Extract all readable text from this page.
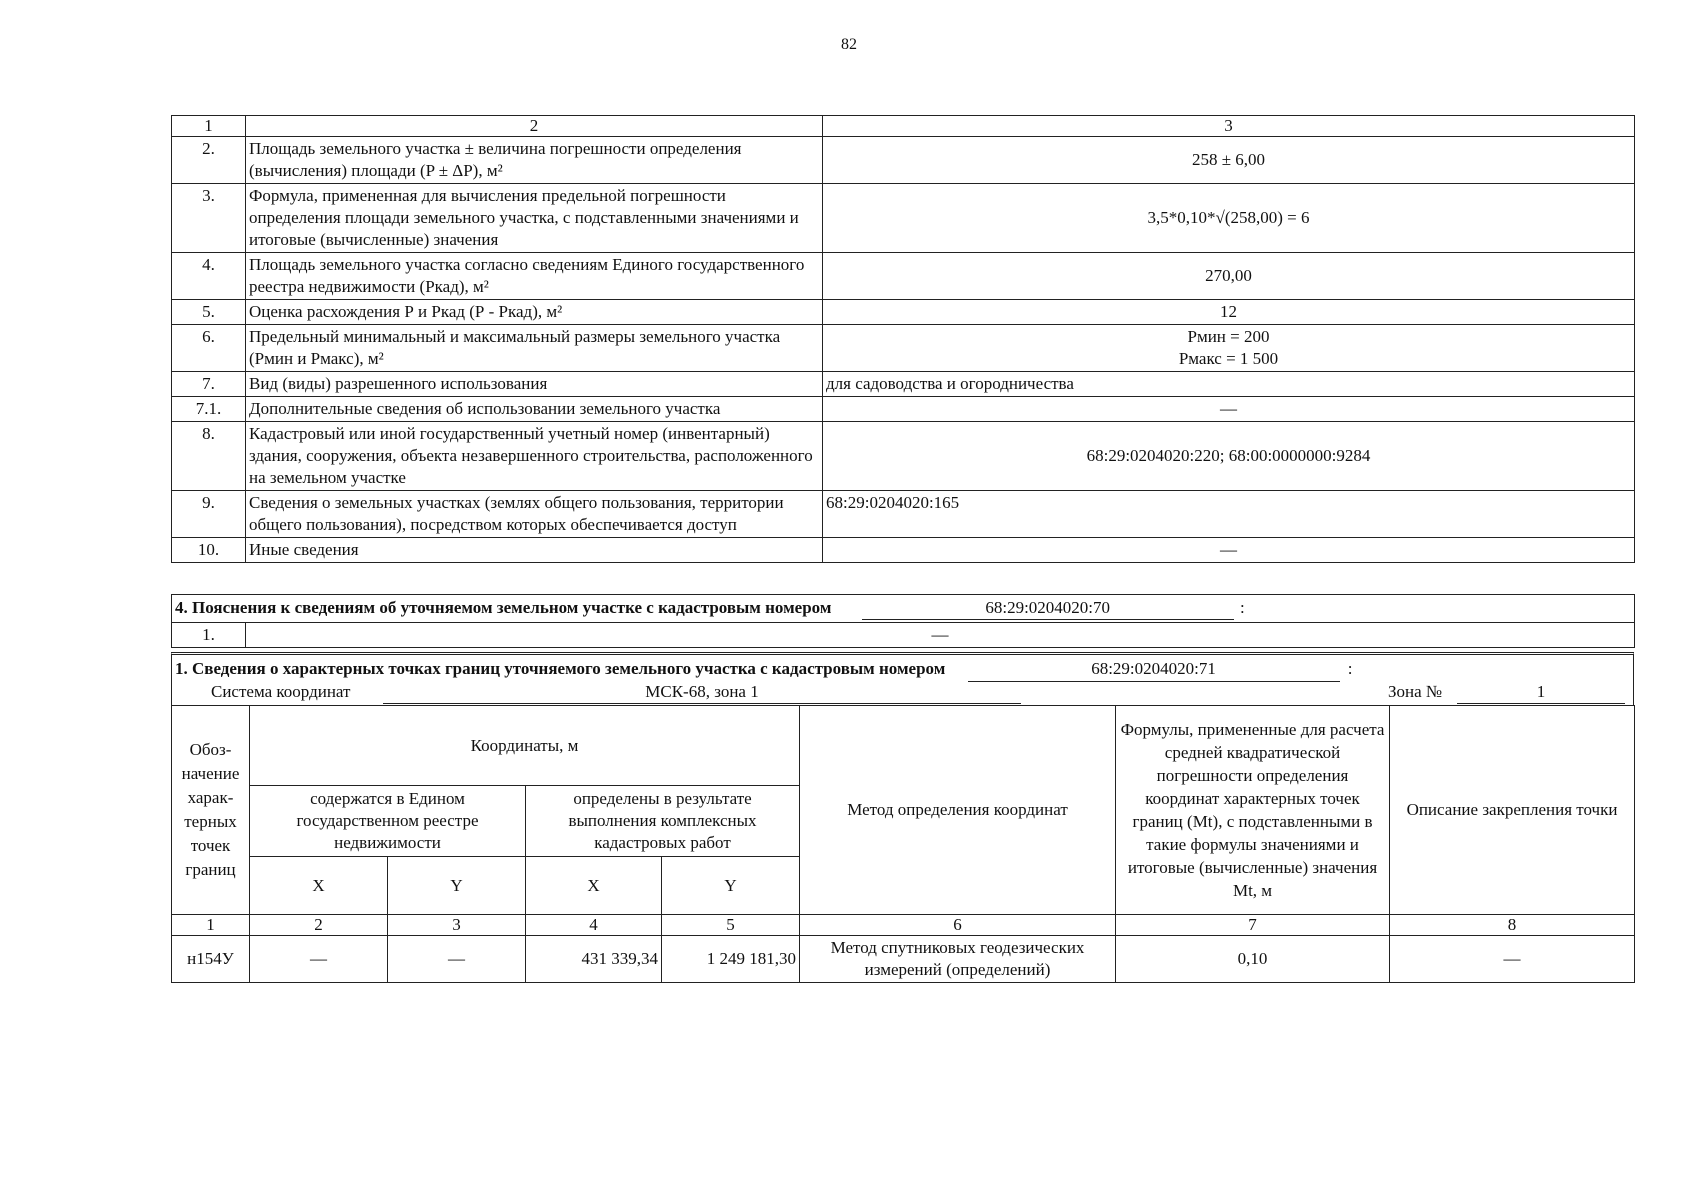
82
1	2	3
2.	Площадь земельного участка ± величина погрешности определения (вычисления) площади (P ± ΔP), м²	258 ± 6,00
3.	Формула, примененная для вычисления предельной погрешности определения площади земельного участка, с подставленными значениями и итоговые (вычисленные) значения	3,5*0,10*√(258,00) = 6
4.	Площадь земельного участка согласно сведениям Единого государственного реестра недвижимости (Ркад), м²	270,00
5.	Оценка расхождения Р и Ркад (Р - Ркад), м²	12
6.	Предельный минимальный и максимальный размеры земельного участка (Рмин и Рмакс), м²	Рмин = 200
Рмакс = 1 500

7.	Вид (виды) разрешенного использования	для садоводства и огородничества
7.1.	Дополнительные сведения об использовании земельного участка	—
8.	Кадастровый или иной государственный учетный номер (инвентарный) здания, сооружения, объекта незавершенного строительства, расположенного на земельном участке	68:29:0204020:220; 68:00:0000000:9284
9.	Сведения о земельных участках (землях общего пользования, территории общего пользования), посредством которых обеспечивается доступ	68:29:0204020:165
10.	Иные сведения	—
4. Пояснения к сведениям об уточняемом земельном участке с кадастровым номером	68:29:0204020:70	:
1.	—
1. Сведения о характерных точках границ уточняемого земельного участка с кадастровым номером	68:29:0204020:71	:
Система координат	МСК-68, зона 1	Зона №	1
Обоз-начение харак-терных точек границ	Координаты, м				Метод определения координат	Формулы, примененные для расчета средней квадратической погрешности определения координат характерных точек границ (Mt), с подставленными в такие формулы значениями и итоговые (вычисленные) значения Mt, м	Описание закрепления точки
	содержатся в Едином государственном реестре недвижимости		определены в результате выполнения комплексных кадастровых работ				
	X	Y	X	Y			
1	2	3	4	5	6	7	8
н154У	—	—	431 339,34	1 249 181,30	Метод спутниковых геодезических измерений (определений)	0,10	—
